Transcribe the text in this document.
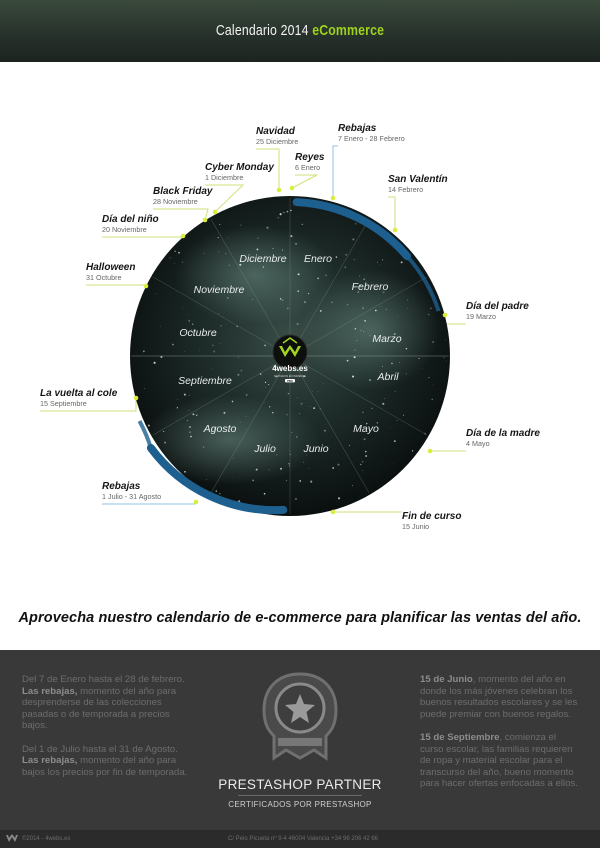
Calendario 2014 eCommerce
Enero
Febrero
Marzo
Abril
Mayo
Junio
Julio
Agosto
Septiembre
Octubre
Noviembre
Diciembre
4webs.es
SERVICIOS ECOMMERCE
PRO
Navidad
25 Diciembre
Rebajas
7 Enero - 28 Febrero
Reyes
6 Enero
Cyber Monday
1 Diciembre
Black Friday
28 Noviembre
San Valentín
14 Febrero
Día del niño
20 Noviembre
Halloween
31 Octubre
Día del padre
19 Marzo
La vuelta al cole
15 Septiembre
Día de la madre
4 Mayo
Rebajas
1 Julio - 31 Agosto
Fin de curso
15 Junio
Aprovecha nuestro calendario de e-commerce para planificar las ventas del año.

Del 7 de Enero hasta el 28 de febrero.
Las rebajas, momento del año para desprenderse de las colecciones pasadas o de temporada a precios bajos.

Del 1 de Julio hasta el 31 de Agosto.
Las rebajas, momento del año para bajos los precios por fin de temporada.

15 de Junio, momento del año en donde los más jóvenes celebran los buenos resultados escolares y se les puede premiar con buenos regalos.

15 de Septiembre, comienza el curso escolar, las familias requieren de ropa y material escolar para el transcurso del año, bueno momento para hacer ofertas enfocadas a ellos.

PRESTASHOP PARTNER
CERTIFICADOS POR PRESTASHOP
©2014 - 4webs.es	C/ Pelo Picueta nº 9-4 46004 Valencia +34 96 206 42 66
